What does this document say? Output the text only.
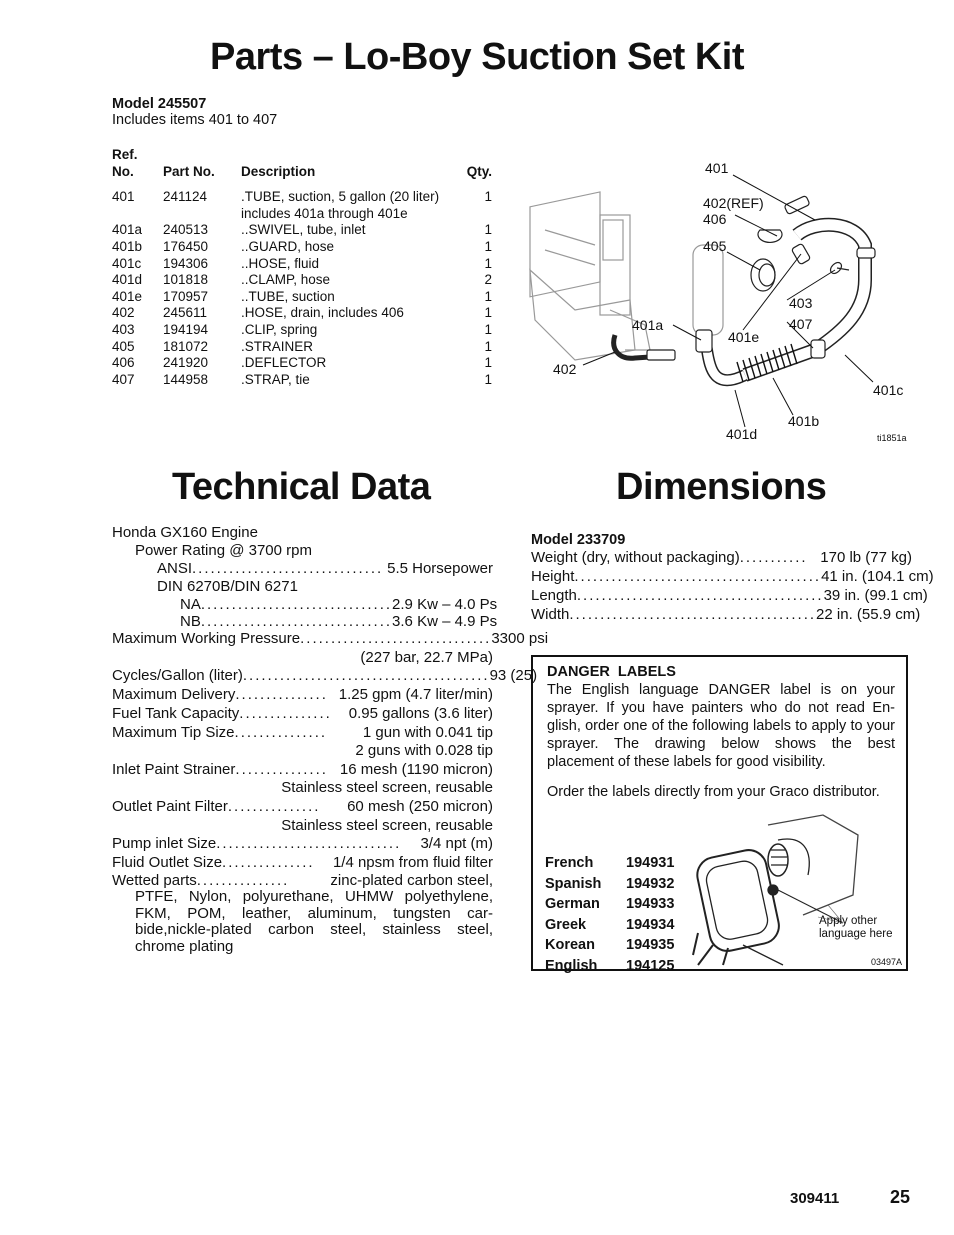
Parts – Lo-Boy Suction Set Kit
Model 245507
Includes items 401 to 407
Ref.			
No.	Part No.	Description	Qty.

401	241124	.TUBE, suction, 5 gallon (20 liter)	1
		includes 401a through 401e	
401a	240513	..SWIVEL, tube, inlet	1
401b	176450	..GUARD, hose	1
401c	194306	..HOSE, fluid	1
401d	101818	..CLAMP, hose	2
401e	170957	..TUBE, suction	1
402	245611	.HOSE, drain, includes 406	1
403	194194	.CLIP, spring	1
405	181072	.STRAINER	1
406	241920	.DEFLECTOR	1
407	144958	.STRAP, tie	1
401
402(REF)
406
405
403
407
401a
401e
402
401c
401b
401d	ti1851a
Technical Data	Dimensions
Honda GX160 Engine
Power Rating @ 3700 rpm
ANSI ............................... 5.5 Horsepower
DIN 6270B/DIN 6271
NA ............................... 2.9 Kw – 4.0 Ps
NB ............................... 3.6 Kw – 4.9 Ps
Maximum Working Pressure ............................... 3300 psi
(227 bar, 22.7 MPa)
Cycles/Gallon (liter) ........................................ 93 (25)
Maximum Delivery ............... 1.25 gpm (4.7 liter/min)
Fuel Tank Capacity ...............	0.95 gallons (3.6 liter)
Maximum Tip Size ...............	1 gun with 0.041 tip
2 guns with 0.028 tip
Inlet Paint Strainer ............... 16 mesh (1190 micron)
Stainless steel screen, reusable
Outlet Paint Filter ...............	60 mesh (250 micron)
Stainless steel screen, reusable
Pump inlet Size ..............................	3/4 npt (m)
Fluid Outlet Size ...............	1/4 npsm from fluid filter
Wetted parts ...............	zinc-plated carbon steel,
PTFE, Nylon, polyurethane, UHMW polyethylene, FKM, POM, leather, aluminum, tungsten car-bide,nickle-plated carbon steel, stainless steel, chrome plating
Model 233709
Weight (dry, without packaging) ........... 170 lb (77 kg)
Height ........................................ 41 in. (104.1 cm)
Length ........................................ 39 in. (99.1 cm)
Width ........................................ 22 in. (55.9 cm)
DANGER  LABELS
The English language DANGER label is on your sprayer. If you have painters who do not read En-glish, order one of the following labels to apply to your sprayer. The drawing below shows the best placement of these labels for good visibility.
Order the labels directly from your Graco distributor.
French	194931
Spanish	194932
German	194933
Greek	194934
Korean	194935
English	194125
Apply other
language here
03497A
309411	25
